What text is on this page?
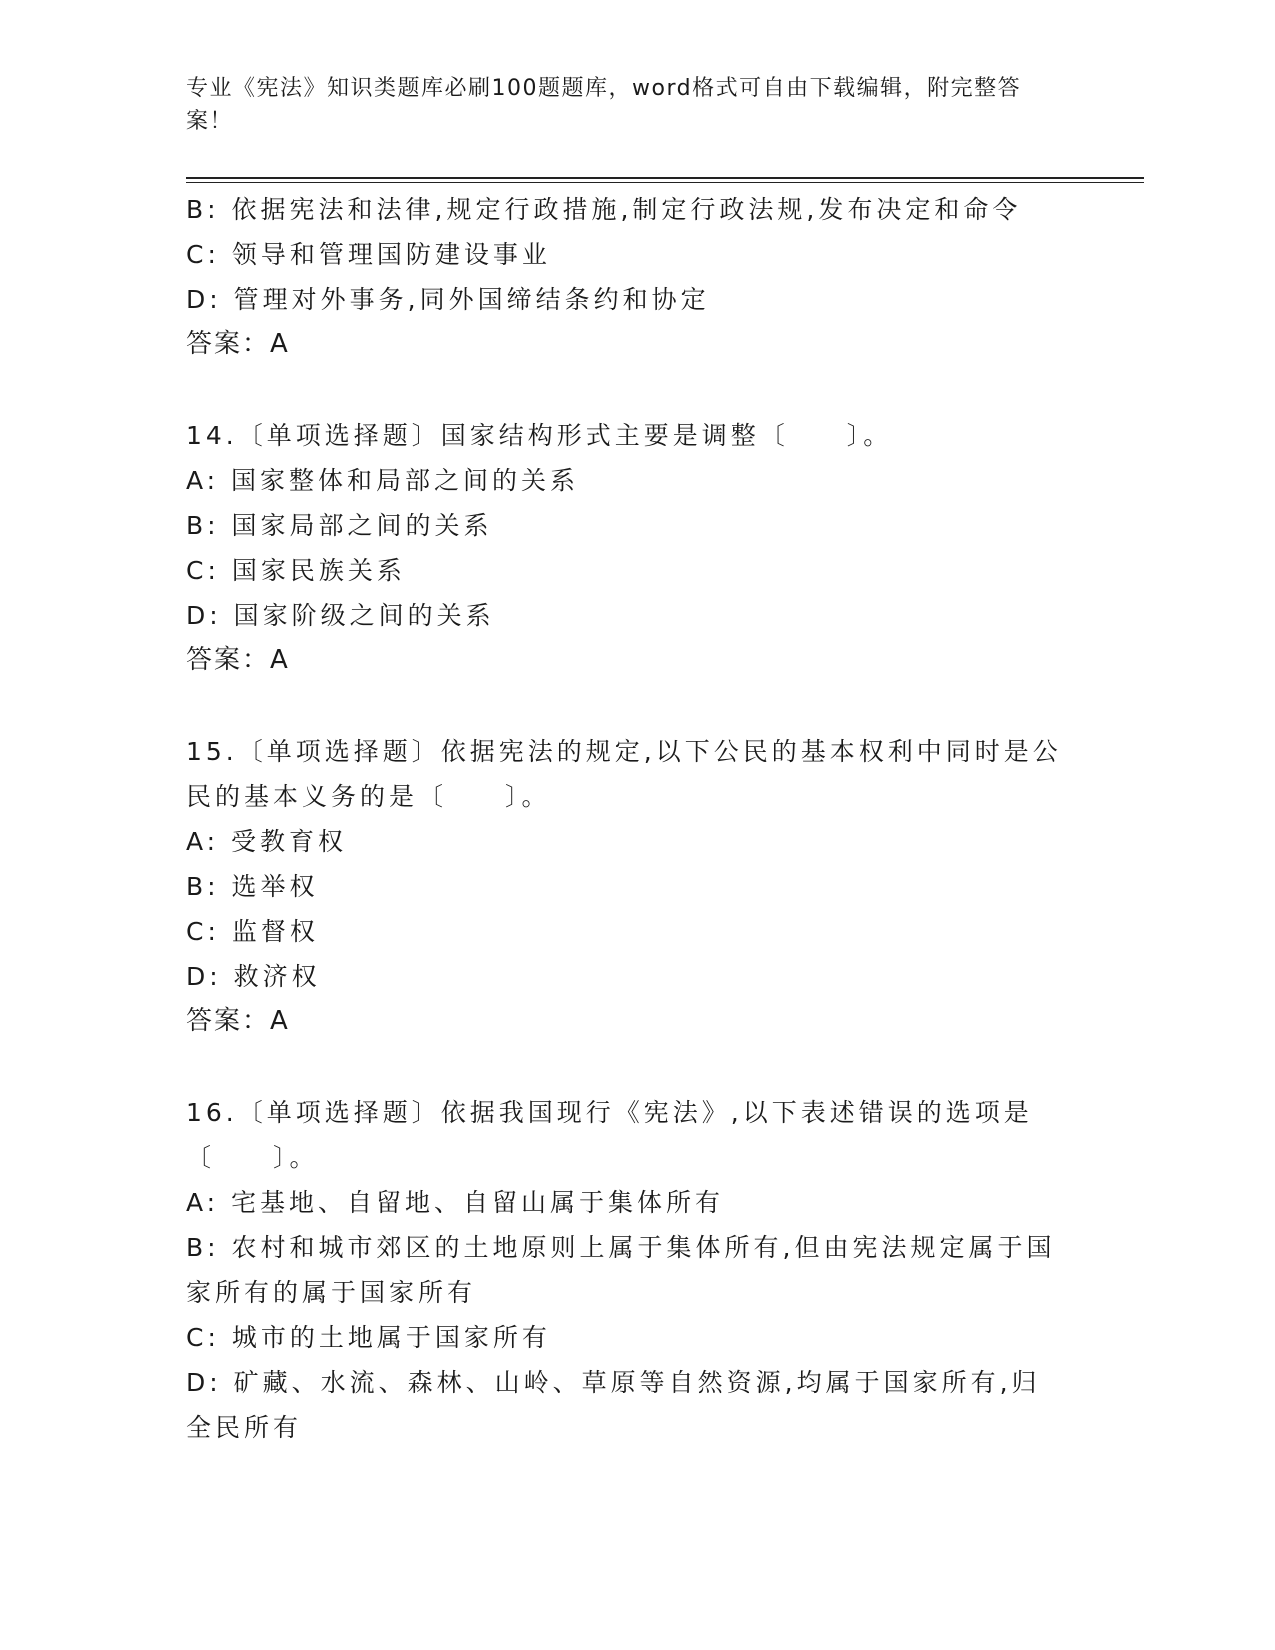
专业《宪法》知识类题库必刷100题题库，word格式可自由下载编辑，附完整答案！
B: 依据宪法和法律,规定行政措施,制定行政法规,发布决定和命令
C: 领导和管理国防建设事业
D: 管理对外事务,同外国缔结条约和协定
答案：A
14.〔单项选择题〕国家结构形式主要是调整〔　　〕。
A: 国家整体和局部之间的关系
B: 国家局部之间的关系
C: 国家民族关系
D: 国家阶级之间的关系
答案：A
15.〔单项选择题〕依据宪法的规定,以下公民的基本权利中同时是公民的基本义务的是〔　　〕。
A: 受教育权
B: 选举权
C: 监督权
D: 救济权
答案：A
16.〔单项选择题〕依据我国现行《宪法》,以下表述错误的选项是〔　　〕。
A: 宅基地、自留地、自留山属于集体所有
B: 农村和城市郊区的土地原则上属于集体所有,但由宪法规定属于国家所有的属于国家所有
C: 城市的土地属于国家所有
D: 矿藏、水流、森林、山岭、草原等自然资源,均属于国家所有,归全民所有
